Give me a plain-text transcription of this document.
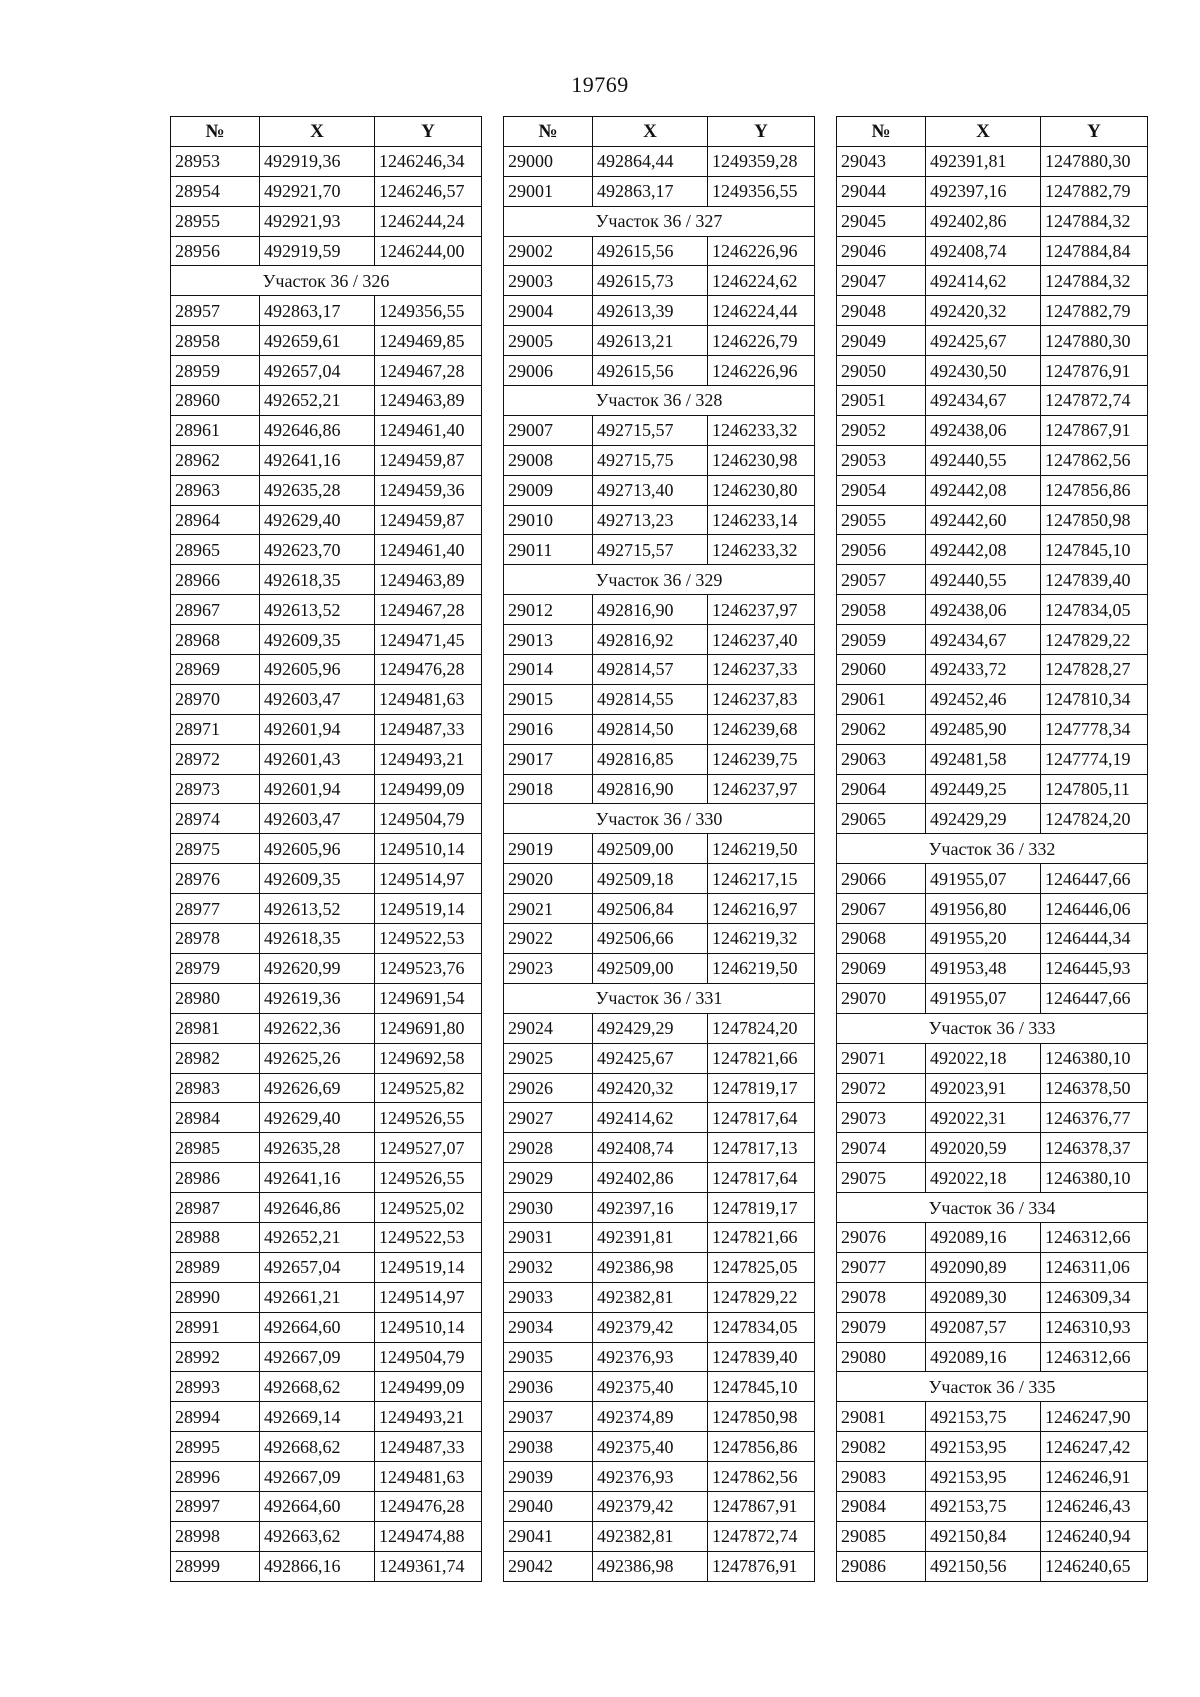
19769
№	X	Y
28953	492919,36	1246246,34
28954	492921,70	1246246,57
28955	492921,93	1246244,24
28956	492919,59	1246244,00
Участок 36 / 326		
28957	492863,17	1249356,55
28958	492659,61	1249469,85
28959	492657,04	1249467,28
28960	492652,21	1249463,89
28961	492646,86	1249461,40
28962	492641,16	1249459,87
28963	492635,28	1249459,36
28964	492629,40	1249459,87
28965	492623,70	1249461,40
28966	492618,35	1249463,89
28967	492613,52	1249467,28
28968	492609,35	1249471,45
28969	492605,96	1249476,28
28970	492603,47	1249481,63
28971	492601,94	1249487,33
28972	492601,43	1249493,21
28973	492601,94	1249499,09
28974	492603,47	1249504,79
28975	492605,96	1249510,14
28976	492609,35	1249514,97
28977	492613,52	1249519,14
28978	492618,35	1249522,53
28979	492620,99	1249523,76
28980	492619,36	1249691,54
28981	492622,36	1249691,80
28982	492625,26	1249692,58
28983	492626,69	1249525,82
28984	492629,40	1249526,55
28985	492635,28	1249527,07
28986	492641,16	1249526,55
28987	492646,86	1249525,02
28988	492652,21	1249522,53
28989	492657,04	1249519,14
28990	492661,21	1249514,97
28991	492664,60	1249510,14
28992	492667,09	1249504,79
28993	492668,62	1249499,09
28994	492669,14	1249493,21
28995	492668,62	1249487,33
28996	492667,09	1249481,63
28997	492664,60	1249476,28
28998	492663,62	1249474,88
28999	492866,16	1249361,74
№	X	Y
29000	492864,44	1249359,28
29001	492863,17	1249356,55
Участок 36 / 327		
29002	492615,56	1246226,96
29003	492615,73	1246224,62
29004	492613,39	1246224,44
29005	492613,21	1246226,79
29006	492615,56	1246226,96
Участок 36 / 328		
29007	492715,57	1246233,32
29008	492715,75	1246230,98
29009	492713,40	1246230,80
29010	492713,23	1246233,14
29011	492715,57	1246233,32
Участок 36 / 329		
29012	492816,90	1246237,97
29013	492816,92	1246237,40
29014	492814,57	1246237,33
29015	492814,55	1246237,83
29016	492814,50	1246239,68
29017	492816,85	1246239,75
29018	492816,90	1246237,97
Участок 36 / 330		
29019	492509,00	1246219,50
29020	492509,18	1246217,15
29021	492506,84	1246216,97
29022	492506,66	1246219,32
29023	492509,00	1246219,50
Участок 36 / 331		
29024	492429,29	1247824,20
29025	492425,67	1247821,66
29026	492420,32	1247819,17
29027	492414,62	1247817,64
29028	492408,74	1247817,13
29029	492402,86	1247817,64
29030	492397,16	1247819,17
29031	492391,81	1247821,66
29032	492386,98	1247825,05
29033	492382,81	1247829,22
29034	492379,42	1247834,05
29035	492376,93	1247839,40
29036	492375,40	1247845,10
29037	492374,89	1247850,98
29038	492375,40	1247856,86
29039	492376,93	1247862,56
29040	492379,42	1247867,91
29041	492382,81	1247872,74
29042	492386,98	1247876,91
№	X	Y
29043	492391,81	1247880,30
29044	492397,16	1247882,79
29045	492402,86	1247884,32
29046	492408,74	1247884,84
29047	492414,62	1247884,32
29048	492420,32	1247882,79
29049	492425,67	1247880,30
29050	492430,50	1247876,91
29051	492434,67	1247872,74
29052	492438,06	1247867,91
29053	492440,55	1247862,56
29054	492442,08	1247856,86
29055	492442,60	1247850,98
29056	492442,08	1247845,10
29057	492440,55	1247839,40
29058	492438,06	1247834,05
29059	492434,67	1247829,22
29060	492433,72	1247828,27
29061	492452,46	1247810,34
29062	492485,90	1247778,34
29063	492481,58	1247774,19
29064	492449,25	1247805,11
29065	492429,29	1247824,20
Участок 36 / 332		
29066	491955,07	1246447,66
29067	491956,80	1246446,06
29068	491955,20	1246444,34
29069	491953,48	1246445,93
29070	491955,07	1246447,66
Участок 36 / 333		
29071	492022,18	1246380,10
29072	492023,91	1246378,50
29073	492022,31	1246376,77
29074	492020,59	1246378,37
29075	492022,18	1246380,10
Участок 36 / 334		
29076	492089,16	1246312,66
29077	492090,89	1246311,06
29078	492089,30	1246309,34
29079	492087,57	1246310,93
29080	492089,16	1246312,66
Участок 36 / 335		
29081	492153,75	1246247,90
29082	492153,95	1246247,42
29083	492153,95	1246246,91
29084	492153,75	1246246,43
29085	492150,84	1246240,94
29086	492150,56	1246240,65
